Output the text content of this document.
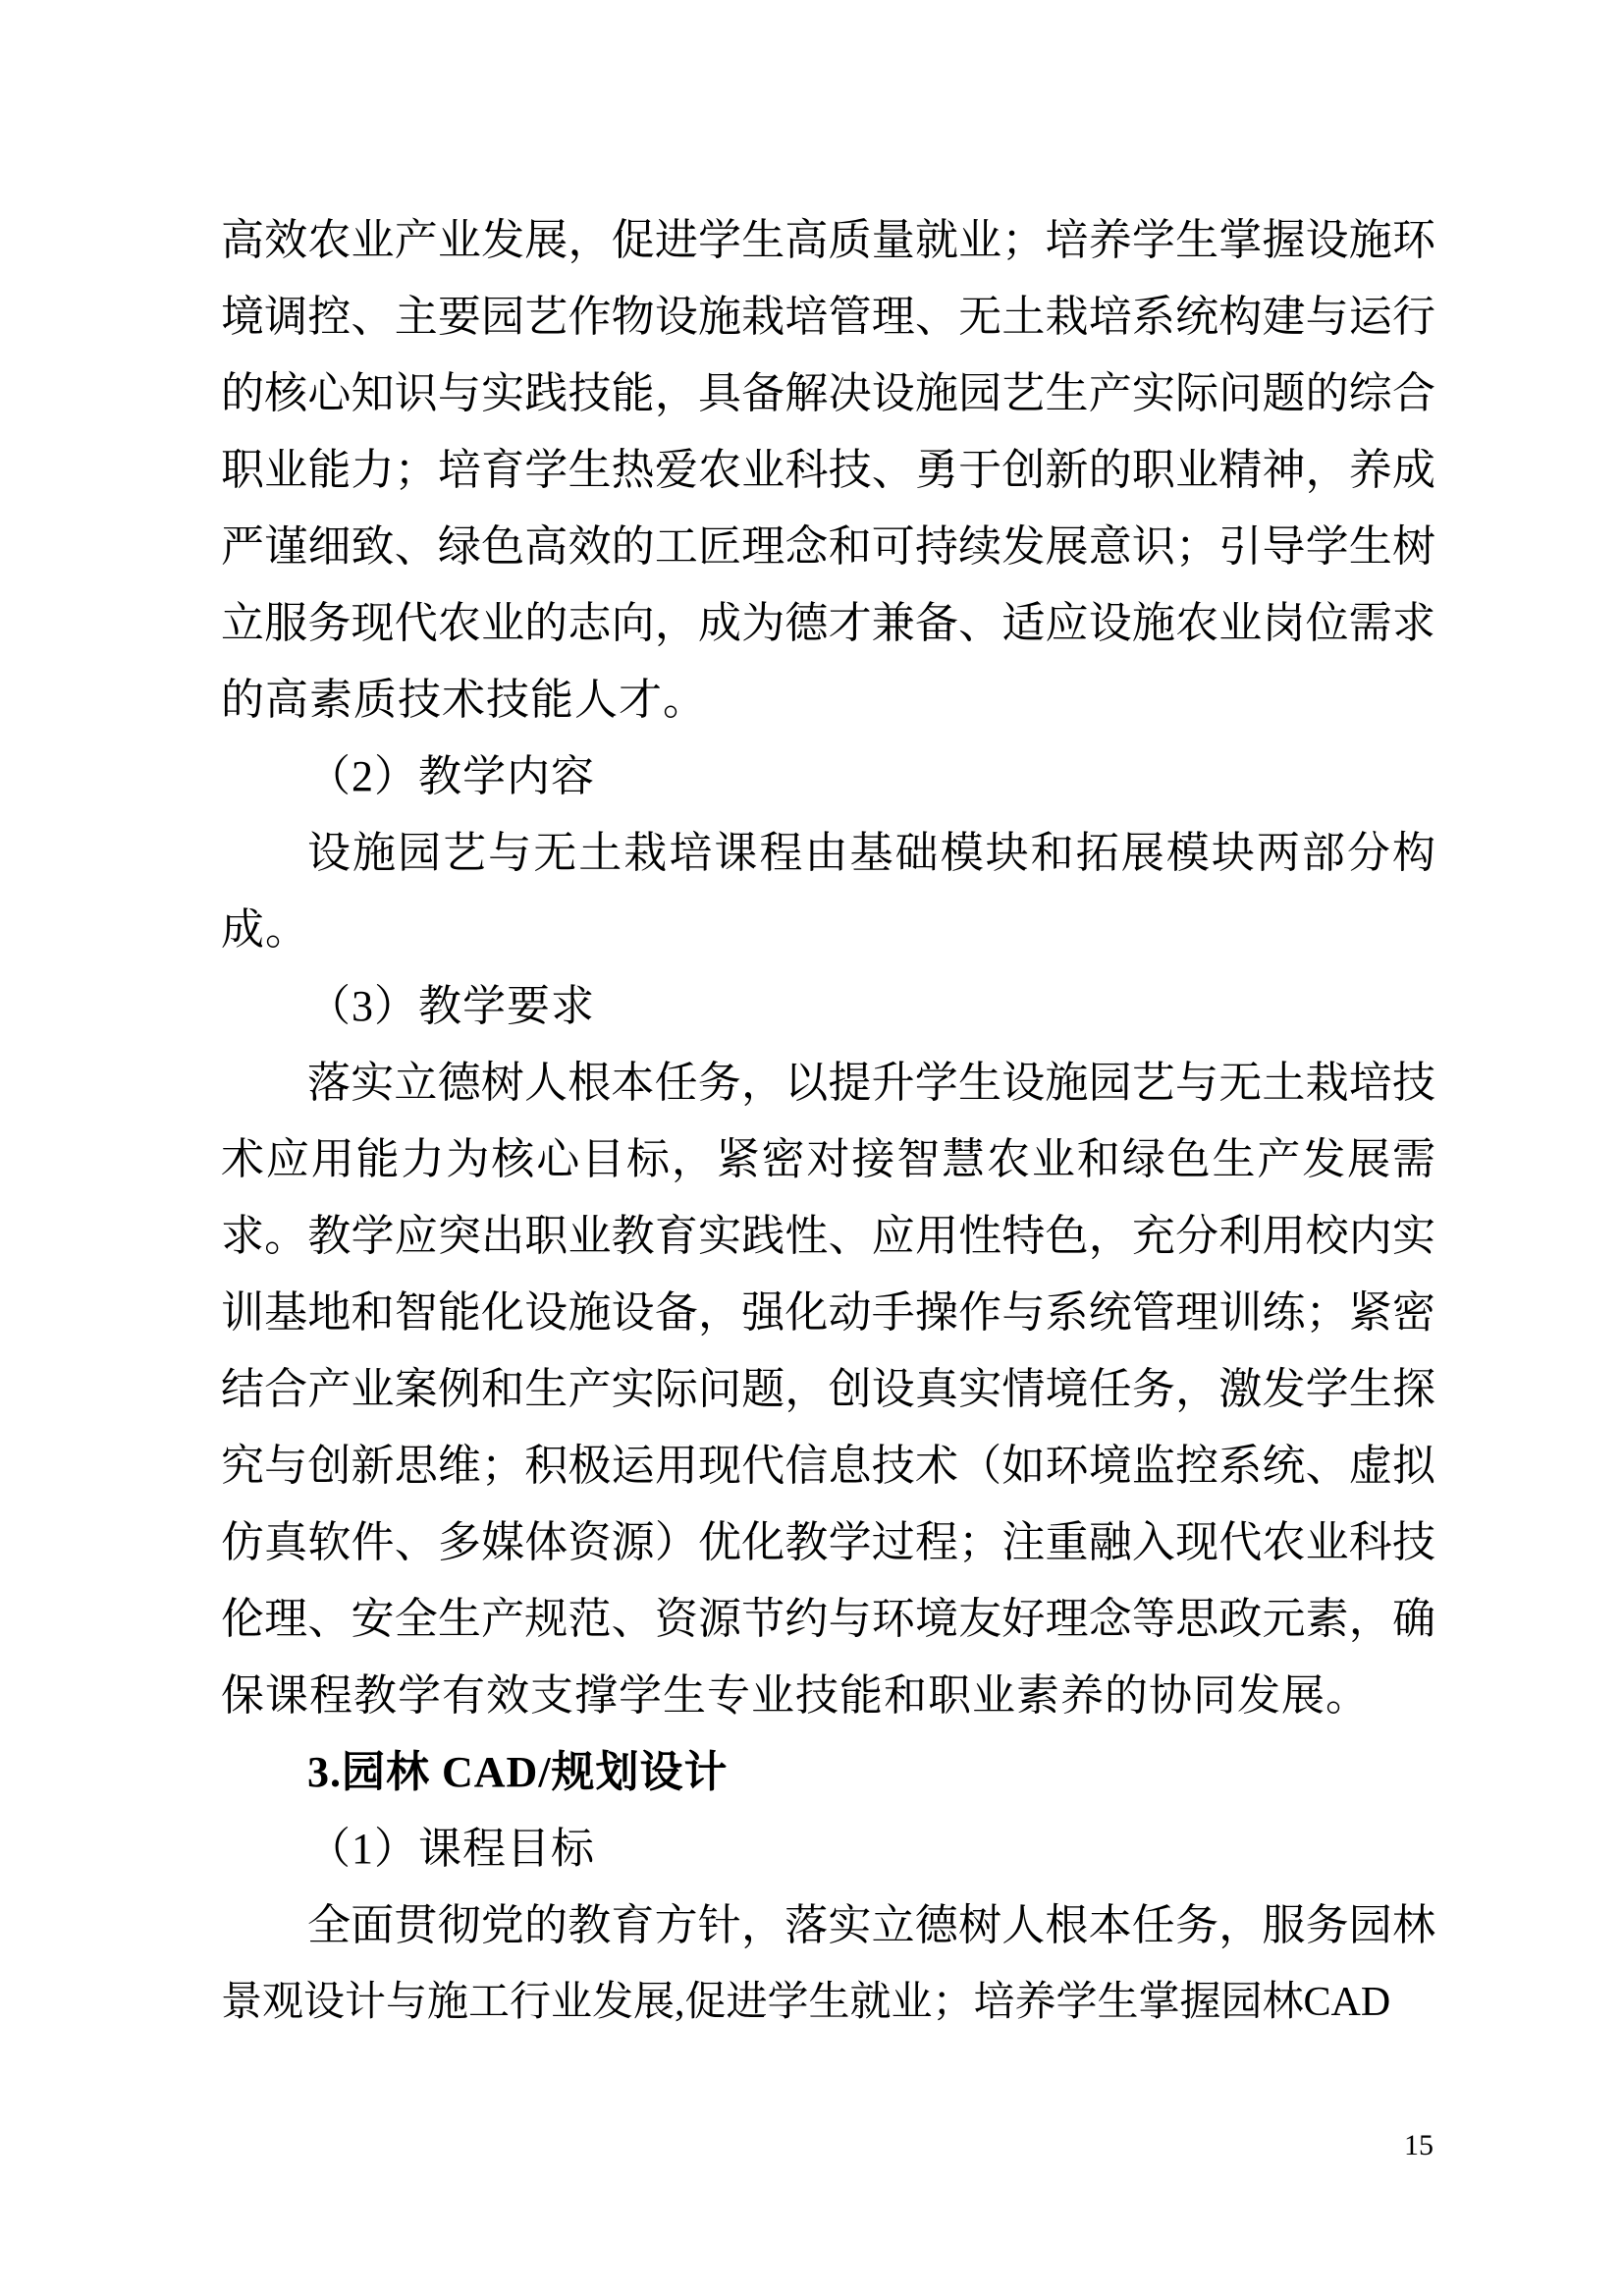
高效农业产业发展，促进学生高质量就业；培养学生掌握设施环
境调控、主要园艺作物设施栽培管理、无土栽培系统构建与运行
的核心知识与实践技能，具备解决设施园艺生产实际问题的综合
职业能力；培育学生热爱农业科技、勇于创新的职业精神，养成
严谨细致、绿色高效的工匠理念和可持续发展意识；引导学生树
立服务现代农业的志向，成为德才兼备、适应设施农业岗位需求
的高素质技术技能人才。
（2）教学内容
设施园艺与无土栽培课程由基础模块和拓展模块两部分构
成。
（3）教学要求
落实立德树人根本任务，以提升学生设施园艺与无土栽培技
术应用能力为核心目标，紧密对接智慧农业和绿色生产发展需
求。教学应突出职业教育实践性、应用性特色，充分利用校内实
训基地和智能化设施设备，强化动手操作与系统管理训练；紧密
结合产业案例和生产实际问题，创设真实情境任务，激发学生探
究与创新思维；积极运用现代信息技术（如环境监控系统、虚拟
仿真软件、多媒体资源）优化教学过程；注重融入现代农业科技
伦理、安全生产规范、资源节约与环境友好理念等思政元素，确
保课程教学有效支撑学生专业技能和职业素养的协同发展。
3.园林 CAD/规划设计
（1）课程目标
全面贯彻党的教育方针，落实立德树人根本任务，服务园林
景观设计与施工行业发展,促进学生就业；培养学生掌握园林CAD
15
